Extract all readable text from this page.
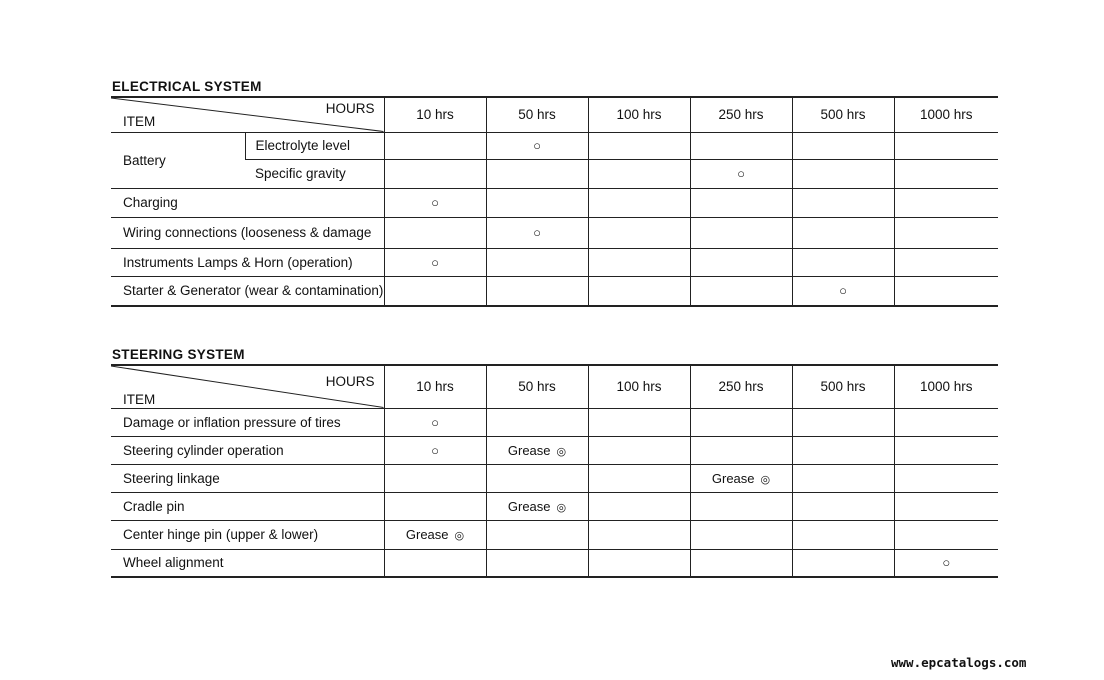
ELECTRICAL SYSTEM
HOURS
ITEM		10 hrs	50 hrs	100 hrs	250 hrs	500 hrs	1000 hrs
Battery	Electrolyte level		○				
	Specific gravity				○		
Charging		○					
Wiring connections (looseness & damage			○				
Instruments Lamps & Horn (operation)		○					
Starter & Generator (wear & contamination)						○	
STEERING SYSTEM
HOURS
ITEM	10 hrs	50 hrs	100 hrs	250 hrs	500 hrs	1000 hrs
Damage or inflation pressure of tires	○					
Steering cylinder operation	○	Grease ◎				
Steering linkage				Grease ◎		
Cradle pin		Grease ◎				
Center hinge pin (upper & lower)	Grease ◎					
Wheel alignment						○
www.epcatalogs.com
